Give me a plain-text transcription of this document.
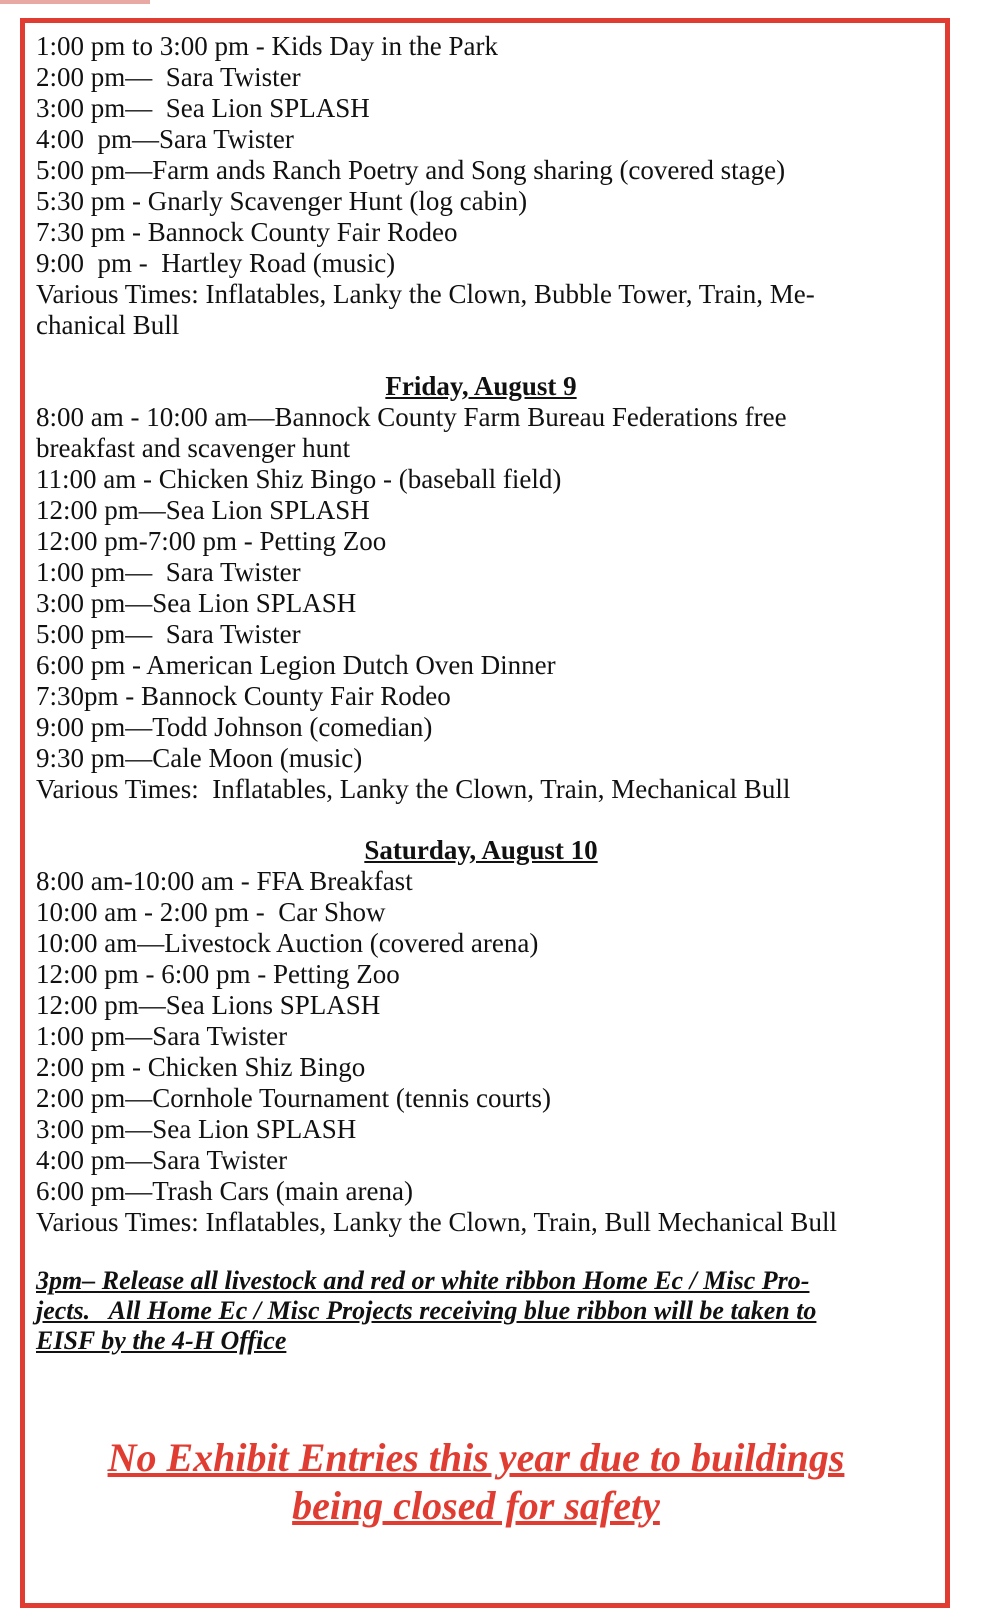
1:00 pm to 3:00 pm - Kids Day in the Park

2:00 pm—  Sara Twister

3:00 pm—  Sea Lion SPLASH

4:00  pm—Sara Twister

5:00 pm—Farm ands Ranch Poetry and Song sharing (covered stage)

5:30 pm - Gnarly Scavenger Hunt (log cabin)

7:30 pm - Bannock County Fair Rodeo

9:00  pm -  Hartley Road (music)

Various Times: Inflatables, Lanky the Clown, Bubble Tower, Train, Me-

chanical Bull

Friday, August 9

8:00 am - 10:00 am—Bannock County Farm Bureau Federations free

breakfast and scavenger hunt

11:00 am - Chicken Shiz Bingo - (baseball field)

12:00 pm—Sea Lion SPLASH

12:00 pm-7:00 pm - Petting Zoo

1:00 pm—  Sara Twister

3:00 pm—Sea Lion SPLASH

5:00 pm—  Sara Twister

6:00 pm - American Legion Dutch Oven Dinner

7:30pm - Bannock County Fair Rodeo

9:00 pm—Todd Johnson (comedian)

9:30 pm—Cale Moon (music)

Various Times:  Inflatables, Lanky the Clown, Train, Mechanical Bull

Saturday, August 10

8:00 am-10:00 am - FFA Breakfast

10:00 am - 2:00 pm -  Car Show

10:00 am—Livestock Auction (covered arena)

12:00 pm - 6:00 pm - Petting Zoo

12:00 pm—Sea Lions SPLASH

1:00 pm—Sara Twister

2:00 pm - Chicken Shiz Bingo

2:00 pm—Cornhole Tournament (tennis courts)

3:00 pm—Sea Lion SPLASH

4:00 pm—Sara Twister

6:00 pm—Trash Cars (main arena)

Various Times: Inflatables, Lanky the Clown, Train, Bull Mechanical Bull

3pm– Release all livestock and red or white ribbon Home Ec / Misc Pro-
jects.   All Home Ec / Misc Projects receiving blue ribbon will be taken to
EISF by the 4-H Office
No Exhibit Entries this year due to buildings
being closed for safety
